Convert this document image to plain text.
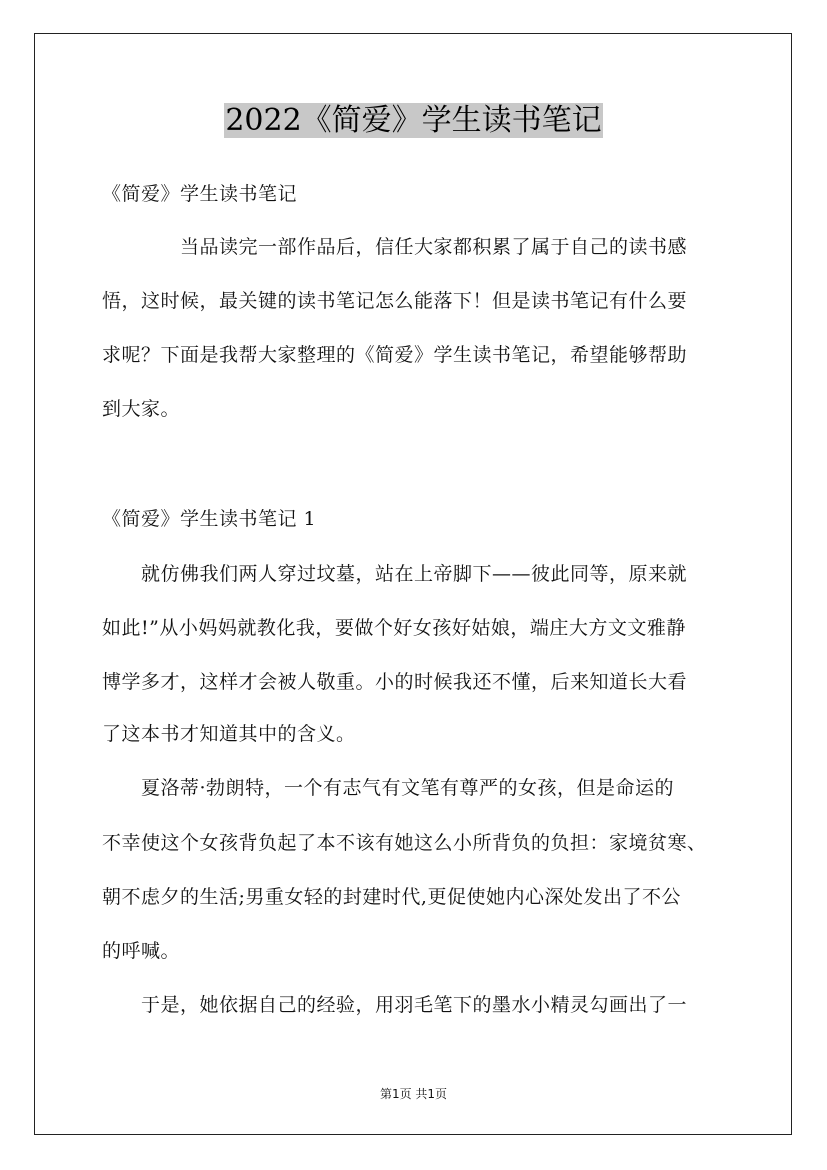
2022《简爱》学生读书笔记
《简爱》学生读书笔记
　　　　当品读完一部作品后，信任大家都积累了属于自己的读书感
悟，这时候，最关键的读书笔记怎么能落下！但是读书笔记有什么要
求呢？下面是我帮大家整理的《简爱》学生读书笔记，希望能够帮助
到大家。
《简爱》学生读书笔记 1
　　就仿佛我们两人穿过坟墓，站在上帝脚下——彼此同等，原来就
如此!”从小妈妈就教化我，要做个好女孩好姑娘，端庄大方文文雅静
博学多才，这样才会被人敬重。小的时候我还不懂，后来知道长大看
了这本书才知道其中的含义。
　　夏洛蒂·勃朗特，一个有志气有文笔有尊严的女孩，但是命运的
不幸使这个女孩背负起了本不该有她这么小所背负的负担：家境贫寒、
朝不虑夕的生活;男重女轻的封建时代,更促使她内心深处发出了不公
的呼喊。
　　于是，她依据自己的经验，用羽毛笔下的墨水小精灵勾画出了一
第1页 共1页
